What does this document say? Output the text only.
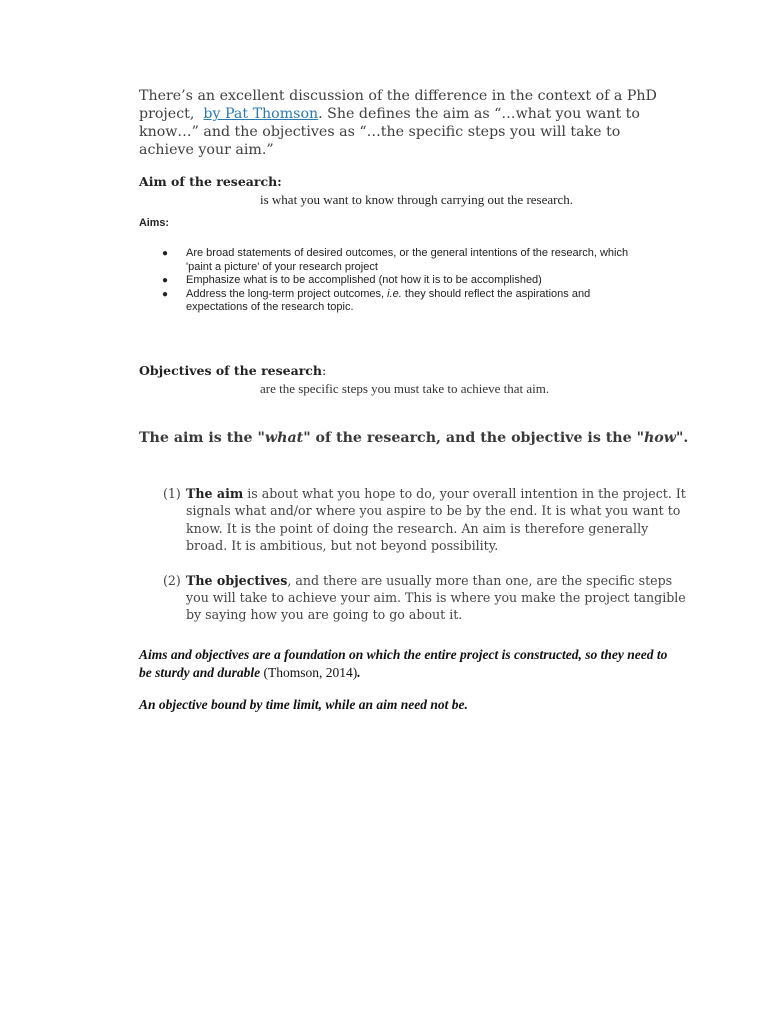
There’s an excellent discussion of the difference in the context of a PhD project, by Pat Thomson. She defines the aim as “…what you want to know…” and the objectives as “…the specific steps you will take to achieve your aim.”
Aim of the research:
is what you want to know through carrying out the research.
Aims:
●	Are broad statements of desired outcomes, or the general intentions of the research, which 'paint a picture' of your research project
●	Emphasize what is to be accomplished (not how it is to be accomplished)
●	Address the long-term project outcomes, i.e. they should reflect the aspirations and expectations of the research topic.
Objectives of the research:
are the specific steps you must take to achieve that aim.
The aim is the "what" of the research, and the objective is the "how".
(1) The aim is about what you hope to do, your overall intention in the project. It signals what and/or where you aspire to be by the end. It is what you want to know. It is the point of doing the research. An aim is therefore generally broad. It is ambitious, but not beyond possibility.
(2) The objectives, and there are usually more than one, are the specific steps you will take to achieve your aim. This is where you make the project tangible by saying how you are going to go about it.
Aims and objectives are a foundation on which the entire project is constructed, so they need to be sturdy and durable (Thomson, 2014).
An objective bound by time limit, while an aim need not be.
